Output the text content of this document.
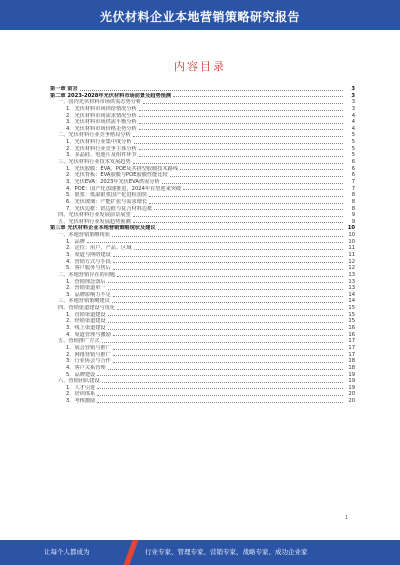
光伏材料企业本地营销策略研究报告
内容目录
第一章 前言	3
第二章 2023-2028年光伏材料市场前景及趋势预测	3
一、国内光伏材料市场供需态势分析	3
1．光伏材料市场供给情况分析	3
2．光伏材料市场需求情况分析	4
3．光伏材料市场供需平衡分析	4
4．光伏材料市场价格走势分析	4
二、光伏材料行业竞争格局分析	5
1．光伏材料行业集中度分析	5
2．光伏材料行业竞争主体分析	5
3．多晶硅、电池片及组件环节	5
三、光伏材料行业技术发展趋势	6
1．光伏胶膜：EVA、POE及共挤型胶膜技术路线	6
2．光伏背板：EVA胶膜与POE胶膜性能比较	6
3．光伏EVA：2023年光伏EVA供需分析	7
4．POE：国产化加速推进，2024年有望迎来突破	7
5．银浆：低温银浆国产化进程加快	8
6．光伏玻璃：产能扩张与需求增长	8
7．光伏边框：铝边框与复合材料边框	8
四、光伏材料行业发展前景展望	9
五、光伏材料行业发展趋势预测	9
第三章 光伏材料企业本地营销策略现状及建议	10
一、本地营销策略现状	10
1．品牌	10
2．定位：用户、产品、区域	11
3．渠道与网络建设	11
4．营销方式与手段	12
5．客户服务与售后	12
二、本地营销存在的问题	13
1．营销理念落后	13
2．营销渠道单一	13
3．品牌影响力不足	14
三、本地营销策略建议	14
四、营销渠道建设与优化	15
1．直销渠道建设	15
2．经销渠道建设	15
3．线上渠道建设	16
4．渠道管理与激励	16
五、营销推广方式	17
1．展会营销与推广	17
2．网络营销与推广	17
3．行业协会与合作	18
4．客户关系管理	18
5．品牌建设	19
六、营销团队建设	19
1．人才引进	19
2．培训体系	20
3．考核激励	20
1
让每个人都成为	行业专家、管理专家、营销专家、战略专家、成功企业家
